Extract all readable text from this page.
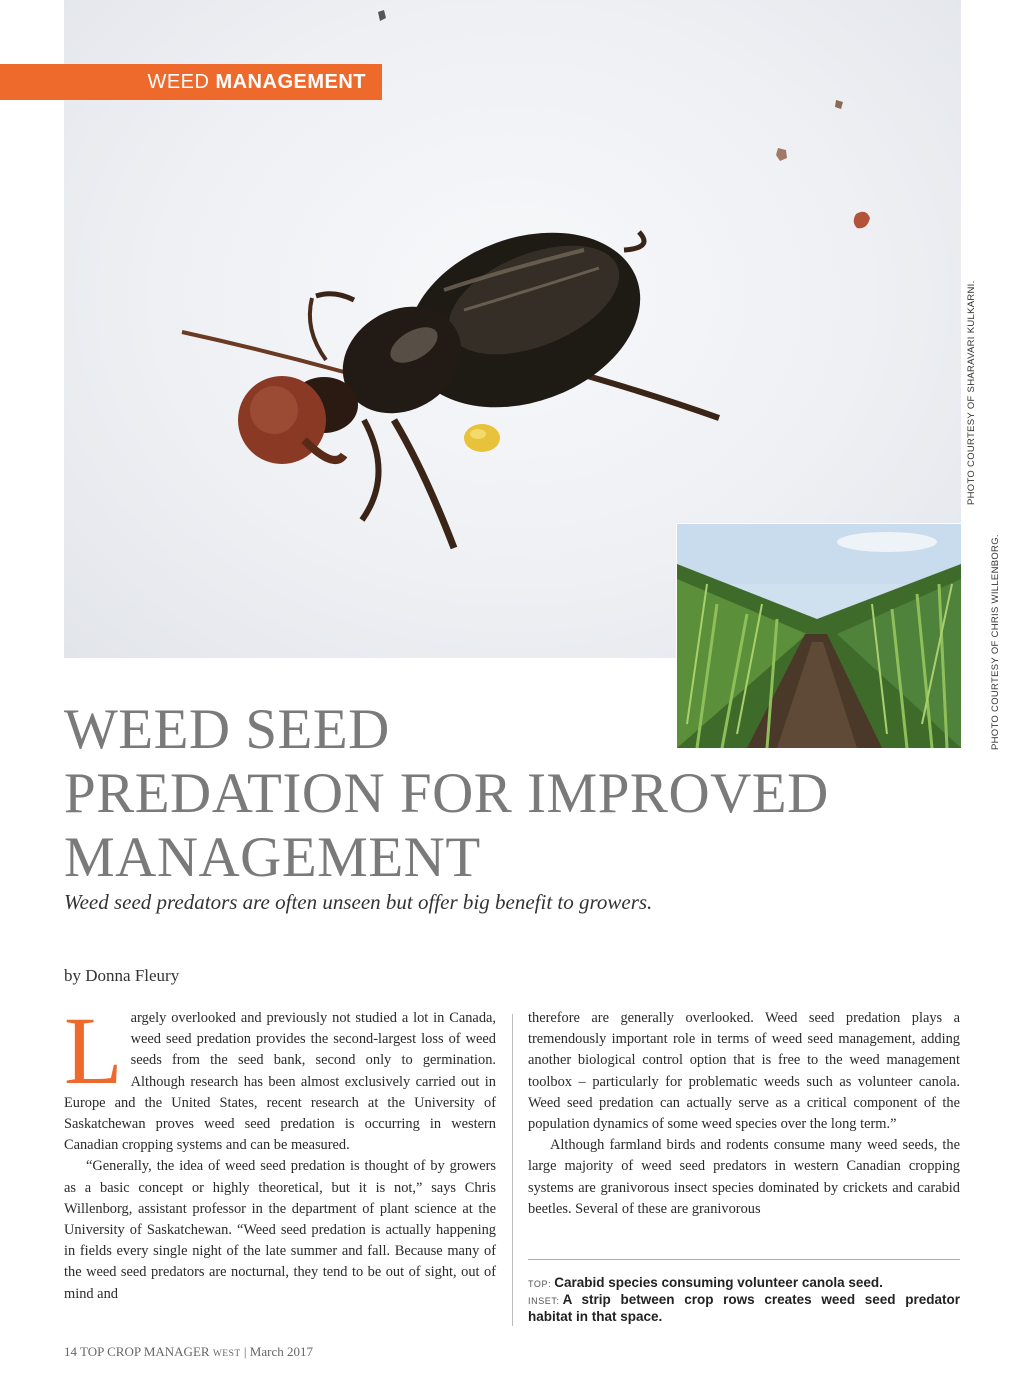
WEED MANAGEMENT
PHOTO COURTESY OF SHARAVARI KULKARNI.
PHOTO COURTESY OF CHRIS WILLENBORG.
WEED SEED
PREDATION FOR IMPROVED
MANAGEMENT
Weed seed predators are often unseen but offer big benefit to growers.
by Donna Fleury
L argely overlooked and previously not studied a lot in Canada, weed seed predation provides the second-largest loss of weed seeds from the seed bank, second only to germination. Although research has been almost exclusively carried out in Europe and the United States, recent research at the University of Saskatchewan proves weed seed predation is occurring in western Canadian cropping systems and can be measured.

“Generally, the idea of weed seed predation is thought of by growers as a basic concept or highly theoretical, but it is not,” says Chris Willenborg, assistant professor in the department of plant science at the University of Saskatchewan. “Weed seed predation is actually happening in fields every single night of the late summer and fall. Because many of the weed seed predators are nocturnal, they tend to be out of sight, out of mind and

therefore are generally overlooked. Weed seed predation plays a tremendously important role in terms of weed seed management, adding another biological control option that is free to the weed management toolbox – particularly for problematic weeds such as volunteer canola. Weed seed predation can actually serve as a critical component of the population dynamics of some weed species over the long term.”

Although farmland birds and rodents consume many weed seeds, the large majority of weed seed predators in western Canadian cropping systems are granivorous insect species dominated by crickets and carabid beetles. Several of these are granivorous

TOP: Carabid species consuming volunteer canola seed.
INSET: A strip between crop rows creates weed seed predator habitat in that space.
14 TOP CROP MANAGER WEST | March 2017
